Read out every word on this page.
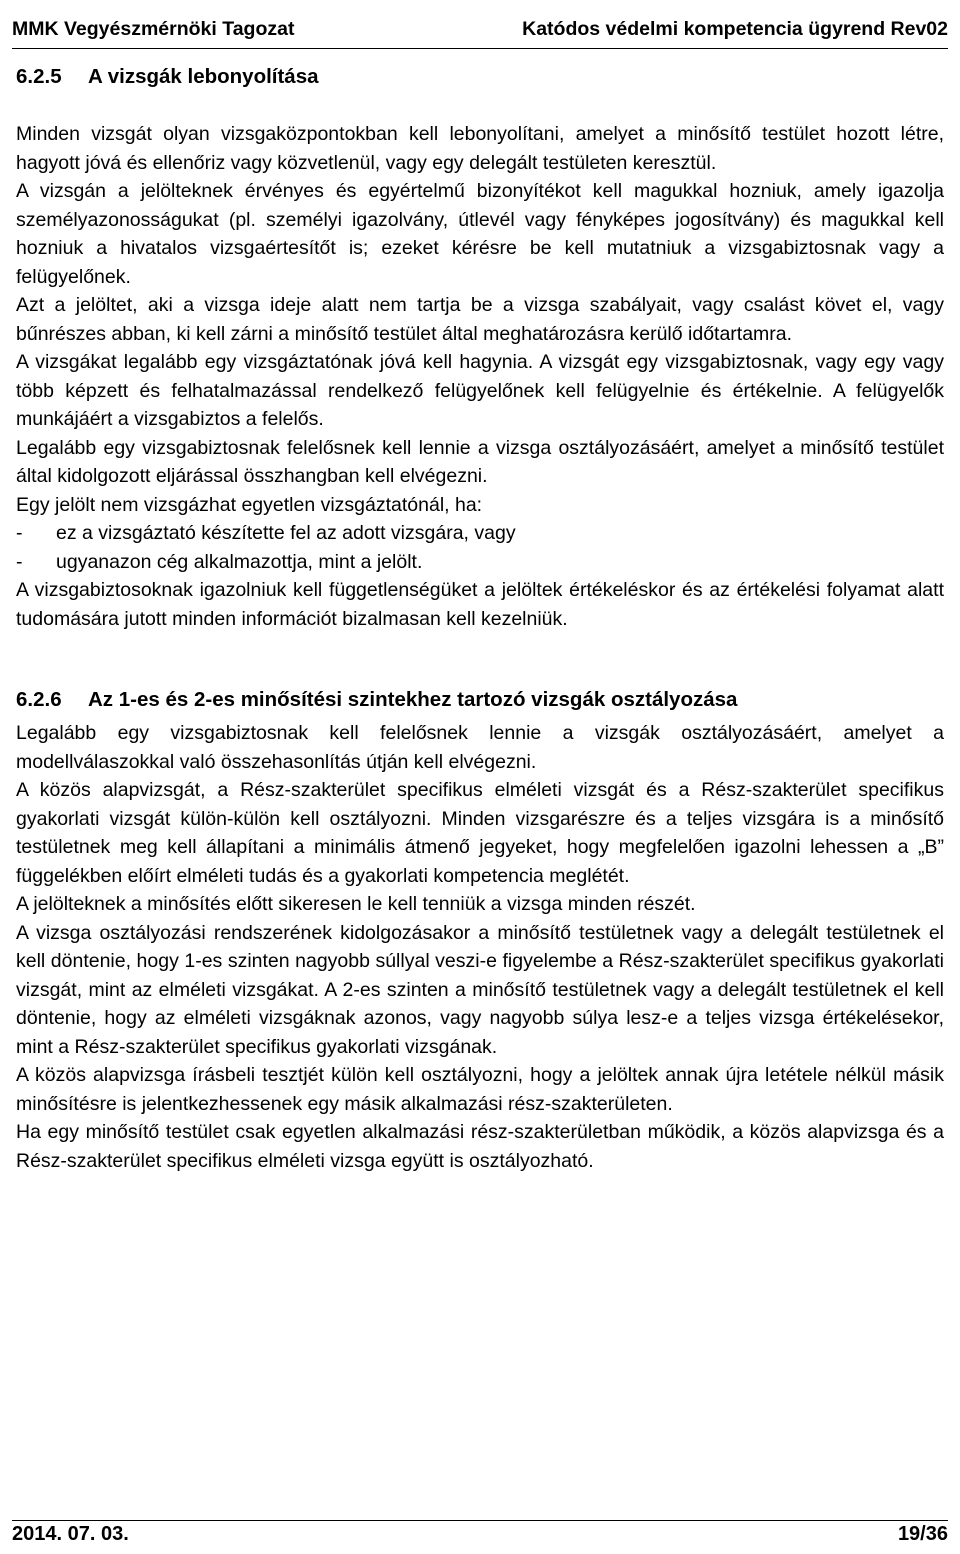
MMK Vegyészmérnöki Tagozat	Katódos védelmi kompetencia ügyrend Rev02
6.2.5 A vizsgák lebonyolítása

Minden vizsgát olyan vizsgaközpontokban kell lebonyolítani, amelyet a minősítő testület hozott létre, hagyott jóvá és ellenőriz vagy közvetlenül, vagy egy delegált testületen keresztül.

A vizsgán a jelölteknek érvényes és egyértelmű bizonyítékot kell magukkal hozniuk, amely igazolja személyazonosságukat (pl. személyi igazolvány, útlevél vagy fényképes jogosítvány) és magukkal kell hozniuk a hivatalos vizsgaértesítőt is; ezeket kérésre be kell mutatniuk a vizsgabiztosnak vagy a felügyelőnek.

Azt a jelöltet, aki a vizsga ideje alatt nem tartja be a vizsga szabályait, vagy csalást követ el, vagy bűnrészes abban, ki kell zárni a minősítő testület által meghatározásra kerülő időtartamra.

A vizsgákat legalább egy vizsgáztatónak jóvá kell hagynia. A vizsgát egy vizsgabiztosnak, vagy egy vagy több képzett és felhatalmazással rendelkező felügyelőnek kell felügyelnie és értékelnie. A felügyelők munkájáért a vizsgabiztos a felelős.

Legalább egy vizsgabiztosnak felelősnek kell lennie a vizsga osztályozásáért, amelyet a minősítő testület által kidolgozott eljárással összhangban kell elvégezni.

Egy jelölt nem vizsgázhat egyetlen vizsgáztatónál, ha:

-	ez a vizsgáztató készítette fel az adott vizsgára, vagy
-	ugyanazon cég alkalmazottja, mint a jelölt.

A vizsgabiztosoknak igazolniuk kell függetlenségüket a jelöltek értékeléskor és az értékelési folyamat alatt tudomására jutott minden információt bizalmasan kell kezelniük.

6.2.6 Az 1-es és 2-es minősítési szintekhez tartozó vizsgák osztályozása

Legalább egy vizsgabiztosnak kell felelősnek lennie a vizsgák osztályozásáért, amelyet a modellválaszokkal való összehasonlítás útján kell elvégezni.

A közös alapvizsgát, a Rész-szakterület specifikus elméleti vizsgát és a Rész-szakterület specifikus gyakorlati vizsgát külön-külön kell osztályozni. Minden vizsgarészre és a teljes vizsgára is a minősítő testületnek meg kell állapítani a minimális átmenő jegyeket, hogy megfelelően igazolni lehessen a „B” függelékben előírt elméleti tudás és a gyakorlati kompetencia meglétét.

A jelölteknek a minősítés előtt sikeresen le kell tenniük a vizsga minden részét.

A vizsga osztályozási rendszerének kidolgozásakor a minősítő testületnek vagy a delegált testületnek el kell döntenie, hogy 1-es szinten nagyobb súllyal veszi-e figyelembe a Rész-szakterület specifikus gyakorlati vizsgát, mint az elméleti vizsgákat. A 2-es szinten a minősítő testületnek vagy a delegált testületnek el kell döntenie, hogy az elméleti vizsgáknak azonos, vagy nagyobb súlya lesz-e a teljes vizsga értékelésekor, mint a Rész-szakterület specifikus gyakorlati vizsgának.

A közös alapvizsga írásbeli tesztjét külön kell osztályozni, hogy a jelöltek annak újra letétele nélkül másik minősítésre is jelentkezhessenek egy másik alkalmazási rész-szakterületen.

Ha egy minősítő testület csak egyetlen alkalmazási rész-szakterületban működik, a közös alapvizsga és a Rész-szakterület specifikus elméleti vizsga együtt is osztályozható.

2014. 07. 03.	19/36
